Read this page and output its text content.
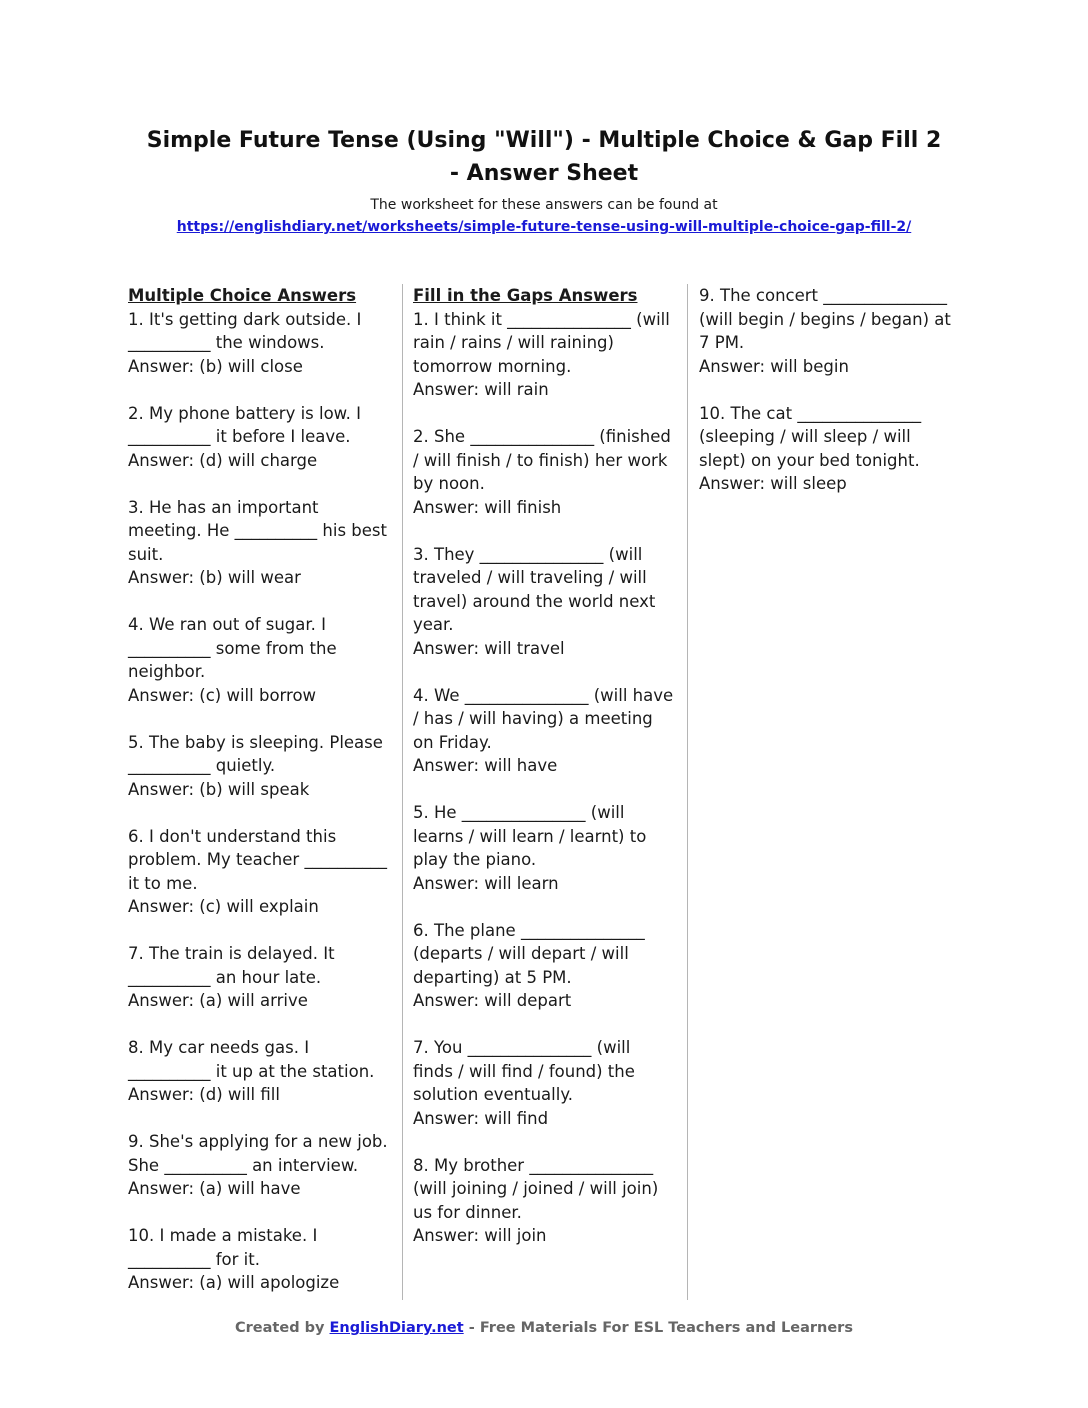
Simple Future Tense (Using "Will") - Multiple Choice & Gap Fill 2 - Answer Sheet
The worksheet for these answers can be found at
https://englishdiary.net/worksheets/simple-future-tense-using-will-multiple-choice-gap-fill-2/
Multiple Choice Answers
1. It's getting dark outside. I __________ the windows.
Answer: (b) will close
2. My phone battery is low. I __________ it before I leave.
Answer: (d) will charge
3. He has an important meeting. He __________ his best suit.
Answer: (b) will wear
4. We ran out of sugar. I __________ some from the neighbor.
Answer: (c) will borrow
5. The baby is sleeping. Please __________ quietly.
Answer: (b) will speak
6. I don't understand this problem. My teacher __________ it to me.
Answer: (c) will explain
7. The train is delayed. It __________ an hour late.
Answer: (a) will arrive
8. My car needs gas. I __________ it up at the station.
Answer: (d) will fill
9. She's applying for a new job. She __________ an interview.
Answer: (a) will have
10. I made a mistake. I __________ for it.
Answer: (a) will apologize
Fill in the Gaps Answers
1. I think it _______________ (will rain / rains / will raining) tomorrow morning.
Answer: will rain
2. She _______________ (finished / will finish / to finish) her work by noon.
Answer: will finish
3. They _______________ (will traveled / will traveling / will travel) around the world next year.
Answer: will travel
4. We _______________ (will have / has / will having) a meeting on Friday.
Answer: will have
5. He _______________ (will learns / will learn / learnt) to play the piano.
Answer: will learn
6. The plane _______________ (departs / will depart / will departing) at 5 PM.
Answer: will depart
7. You _______________ (will finds / will find / found) the solution eventually.
Answer: will find
8. My brother _______________ (will joining / joined / will join) us for dinner.
Answer: will join
9. The concert _______________ (will begin / begins / began) at 7 PM.
Answer: will begin
10. The cat _______________ (sleeping / will sleep / will slept) on your bed tonight.
Answer: will sleep
Created by EnglishDiary.net - Free Materials For ESL Teachers and Learners
